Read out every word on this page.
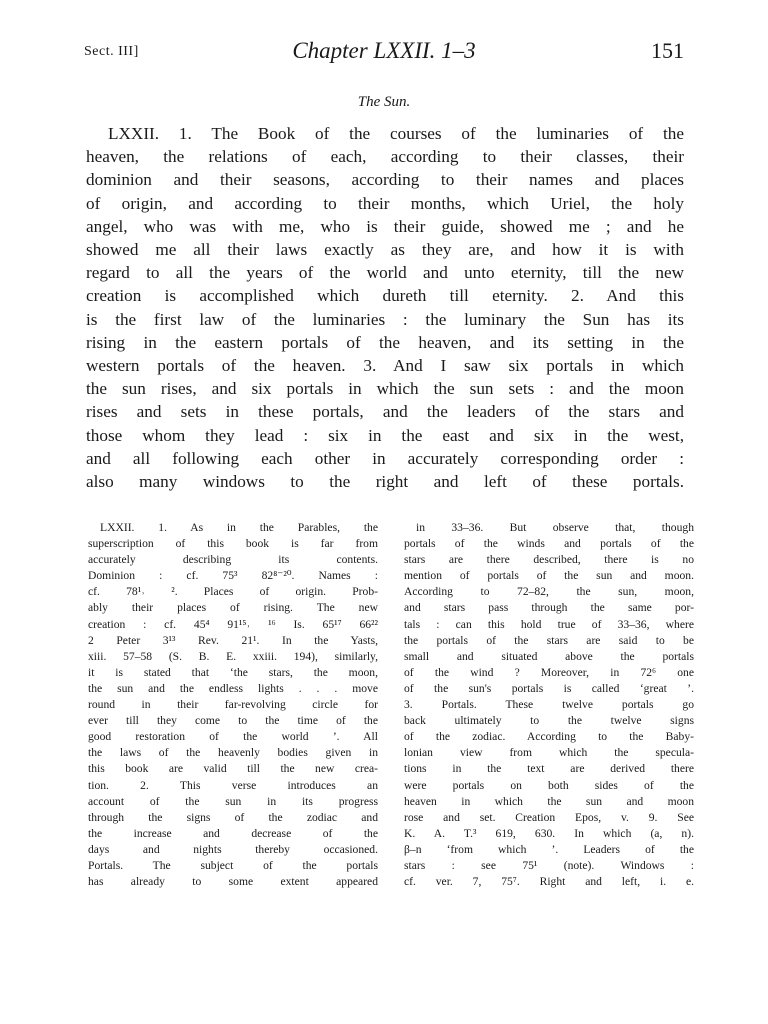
Sect. III]	Chapter LXXII. 1–3	151
The Sun.
LXXII. 1. The Book of the courses of the luminaries of the
heaven, the relations of each, according to their classes, their
dominion and their seasons, according to their names and places
of origin, and according to their months, which Uriel, the holy
angel, who was with me, who is their guide, showed me ; and he
showed me all their laws exactly as they are, and how it is with
regard to all the years of the world and unto eternity, till the new
creation is accomplished which dureth till eternity. 2. And this
is the first law of the luminaries : the luminary the Sun has its
rising in the eastern portals of the heaven, and its setting in the
western portals of the heaven. 3. And I saw six portals in which
the sun rises, and six portals in which the sun sets : and the moon
rises and sets in these portals, and the leaders of the stars and
those whom they lead : six in the east and six in the west,
and all following each other in accurately corresponding order :
also many windows to the right and left of these portals.
LXXII. 1. As in the Parables, the
superscription of this book is far from
accurately describing its contents.
Dominion : cf. 75³ 82⁸⁻²⁰. Names :
cf. 78¹˒ ². Places of origin. Prob-
ably their places of rising. The new
creation : cf. 45⁴ 91¹⁵˒ ¹⁶ Is. 65¹⁷ 66²²
2 Peter 3¹³ Rev. 21¹. In the Yasts,
xiii. 57–58 (S. B. E. xxiii. 194), similarly,
it is stated that ‘the stars, the moon,
the sun and the endless lights . . . move
round in their far-revolving circle for
ever till they come to the time of the
good restoration of the world ’. All
the laws of the heavenly bodies given in
this book are valid till the new crea-
tion. 2. This verse introduces an
account of the sun in its progress
through the signs of the zodiac and
the increase and decrease of the
days and nights thereby occasioned.
Portals. The subject of the portals
has already to some extent appeared
in 33–36. But observe that, though
portals of the winds and portals of the
stars are there described, there is no
mention of portals of the sun and moon.
According to 72–82, the sun, moon,
and stars pass through the same por-
tals : can this hold true of 33–36, where
the portals of the stars are said to be
small and situated above the portals
of the wind ? Moreover, in 72⁶ one
of the sun's portals is called ‘great ’.
3. Portals. These twelve portals go
back ultimately to the twelve signs
of the zodiac. According to the Baby-
lonian view from which the specula-
tions in the text are derived there
were portals on both sides of the
heaven in which the sun and moon
rose and set. Creation Epos, v. 9. See
K. A. T.³ 619, 630. In which (a, n).
β–n ‘from which ’. Leaders of the
stars : see 75¹ (note). Windows :
cf. ver. 7, 75⁷. Right and left, i. e.
